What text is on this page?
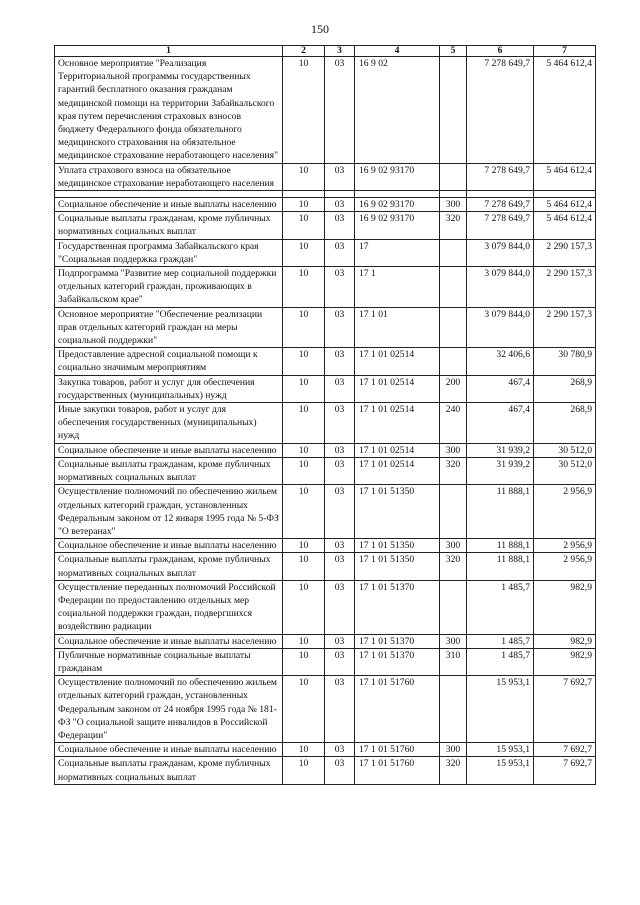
150
1	2	3	4	5	6	7
Основное мероприятие "Реализация Территориальной программы государственных гарантий бесплатного оказания гражданам медицинской помощи на территории Забайкальского края путем перечисления страховых взносов бюджету Федерального фонда обязательного медицинского страхования на обязательное медицинское страхование неработающего населения"	10	03	16 9 02		7 278 649,7	5 464 612,4
Уплата страхового взноса на обязательное медицинское страхование неработающего населения	10	03	16 9 02 93170		7 278 649,7	5 464 612,4

Социальное обеспечение и иные выплаты населению	10	03	16 9 02 93170	300	7 278 649,7	5 464 612,4
Социальные выплаты гражданам, кроме публичных нормативных социальных выплат	10	03	16 9 02 93170	320	7 278 649,7	5 464 612,4
Государственная программа Забайкальского края "Социальная поддержка граждан"	10	03	17		3 079 844,0	2 290 157,3
Подпрограмма "Развитие мер социальной поддержки отдельных категорий граждан, проживающих в Забайкальском крае"	10	03	17 1		3 079 844,0	2 290 157,3
Основное мероприятие "Обеспечение реализации прав отдельных категорий граждан на меры социальной поддержки"	10	03	17 1 01		3 079 844,0	2 290 157,3
Предоставление адресной социальной помощи к социально значимым мероприятиям	10	03	17 1 01 02514		32 406,6	30 780,9
Закупка товаров, работ и услуг для обеспечения государственных (муниципальных) нужд	10	03	17 1 01 02514	200	467,4	268,9
Иные закупки товаров, работ и услуг для обеспечения государственных (муниципальных) нужд	10	03	17 1 01 02514	240	467,4	268,9
Социальное обеспечение и иные выплаты населению	10	03	17 1 01 02514	300	31 939,2	30 512,0
Социальные выплаты гражданам, кроме публичных нормативных социальных выплат	10	03	17 1 01 02514	320	31 939,2	30 512,0
Осуществление полномочий по обеспечению жильем отдельных категорий граждан, установленных Федеральным законом от 12 января 1995 года № 5-ФЗ "О ветеранах"	10	03	17 1 01 51350		11 888,1	2 956,9
Социальное обеспечение и иные выплаты населению	10	03	17 1 01 51350	300	11 888,1	2 956,9
Социальные выплаты гражданам, кроме публичных нормативных социальных выплат	10	03	17 1 01 51350	320	11 888,1	2 956,9
Осуществление переданных полномочий Российской Федерации по предоставлению отдельных мер социальной поддержки граждан, подвергшихся воздействию радиации	10	03	17 1 01 51370		1 485,7	982,9
Социальное обеспечение и иные выплаты населению	10	03	17 1 01 51370	300	1 485,7	982,9
Публичные нормативные социальные выплаты гражданам	10	03	17 1 01 51370	310	1 485,7	982,9
Осуществление полномочий по обеспечению жильем отдельных категорий граждан, установленных Федеральным законом от 24 ноября 1995 года № 181-ФЗ "О социальной защите инвалидов в Российской Федерации"	10	03	17 1 01 51760		15 953,1	7 692,7
Социальное обеспечение и иные выплаты населению	10	03	17 1 01 51760	300	15 953,1	7 692,7
Социальные выплаты гражданам, кроме публичных нормативных социальных выплат	10	03	17 1 01 51760	320	15 953,1	7 692,7
